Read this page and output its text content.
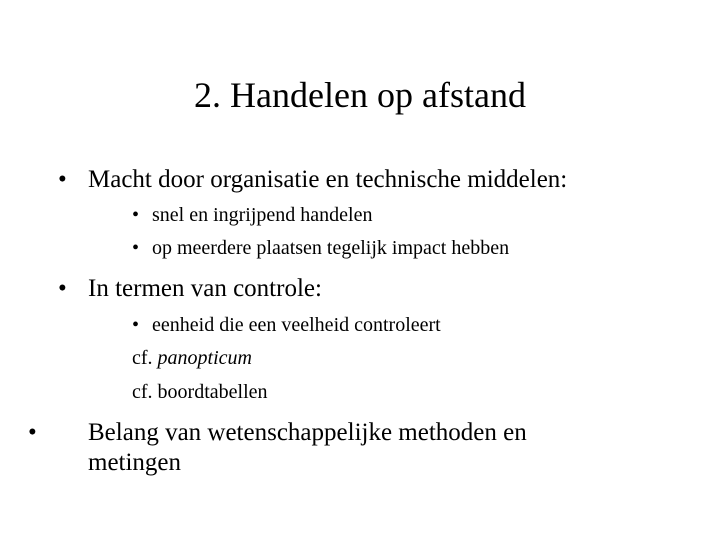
2. Handelen op afstand
• Macht door organisatie en technische middelen:
• snel en ingrijpend handelen
• op meerdere plaatsen tegelijk impact hebben
• In termen van controle:
• eenheid die een veelheid controleert
cf. panopticum
cf. boordtabellen
• Belang van wetenschappelijke methoden en metingen
